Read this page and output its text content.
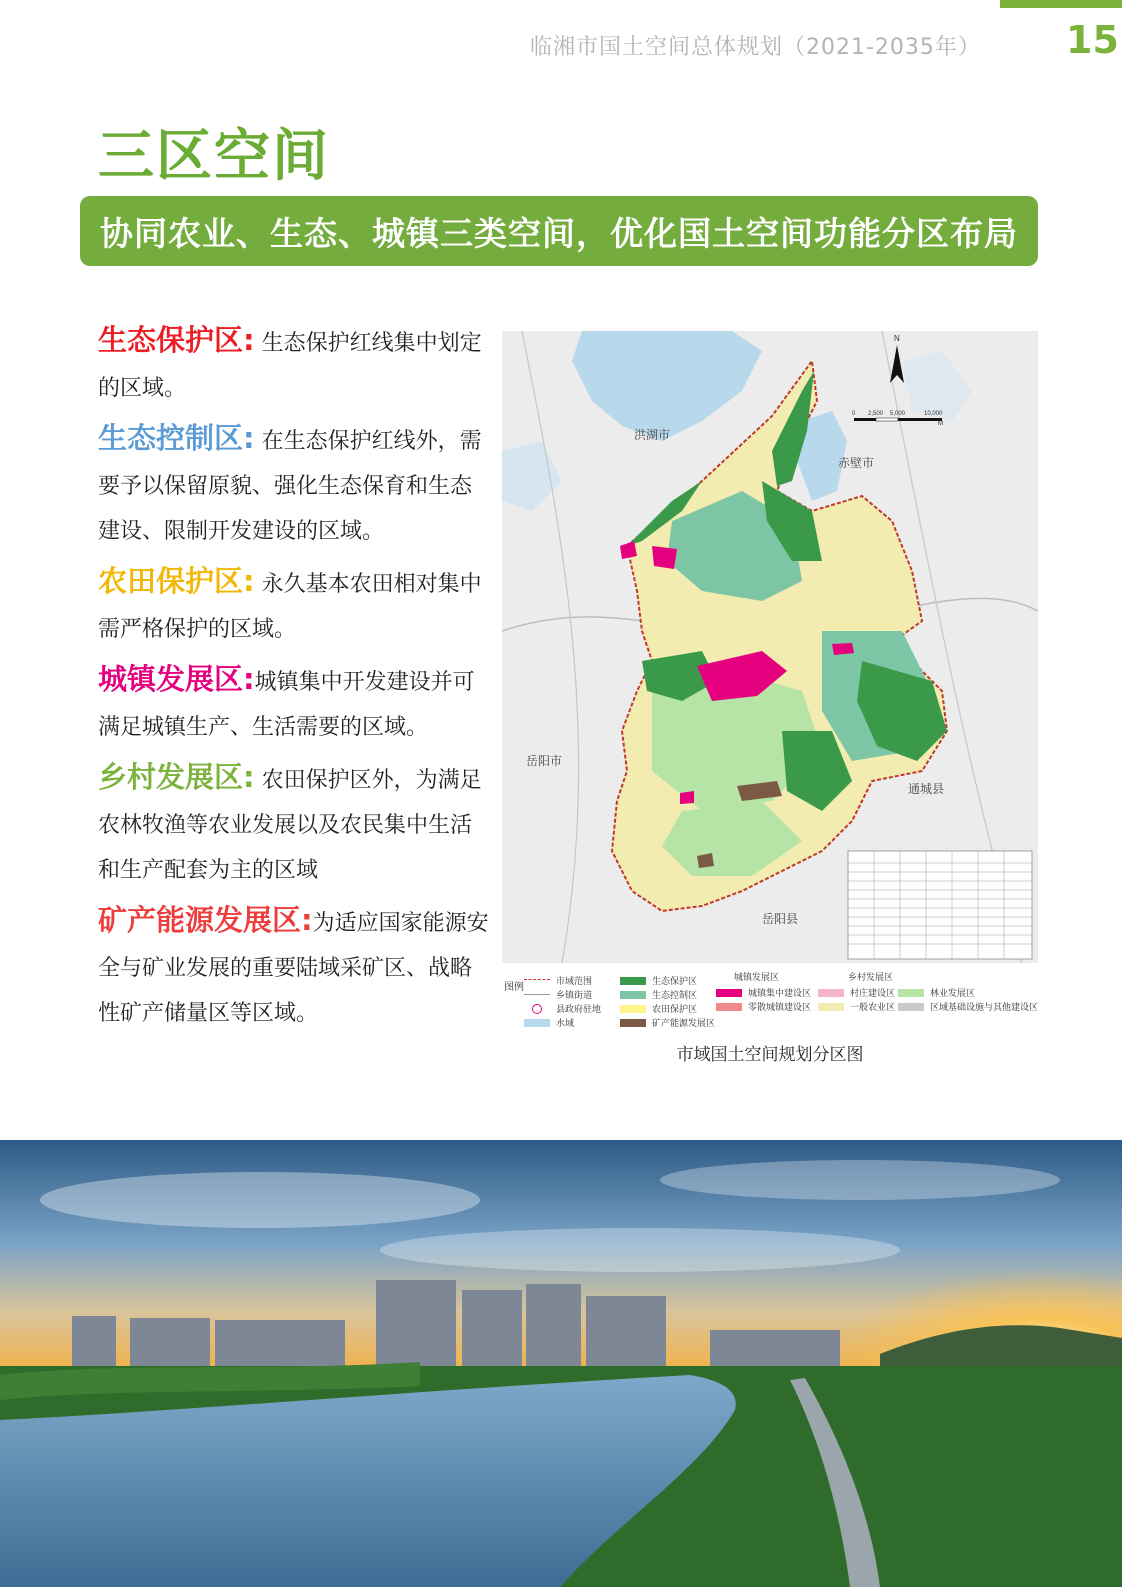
临湘市国土空间总体规划（2021-2035年） 15
三区空间
协同农业、生态、城镇三类空间，优化国土空间功能分区布局
生态保护区: 生态保护红线集中划定的区域。
生态控制区: 在生态保护红线外，需要予以保留原貌、强化生态保育和生态建设、限制开发建设的区域。
农田保护区: 永久基本农田相对集中需严格保护的区域。
城镇发展区:城镇集中开发建设并可满足城镇生产、生活需要的区域。
乡村发展区: 农田保护区外，为满足农林牧渔等农业发展以及农民集中生活和生产配套为主的区域
矿产能源发展区:为适应国家能源安全与矿业发展的重要陆域采矿区、战略性矿产储量区等区域。
洪湖市
赤壁市
岳阳市
通城县
岳阳县
N
0 2,500 5,000	10,000
M
图例	市域范围
乡镇街道
县政府驻地
水域
生态保护区
生态控制区
农田保护区
矿产能源发展区
城镇发展区
城镇集中建设区
零散城镇建设区
乡村发展区
村庄建设区
一般农业区
林业发展区
区域基础设施与其他建设区
市域国土空间规划分区图
